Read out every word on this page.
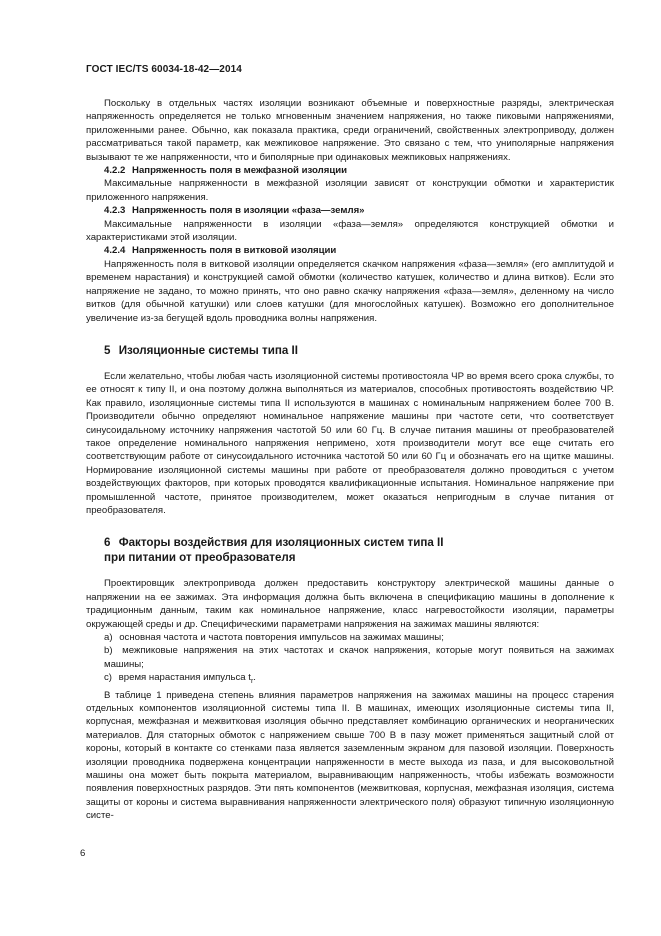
ГОСТ IEC/TS 60034-18-42—2014

Поскольку в отдельных частях изоляции возникают объемные и поверхностные разряды, электрическая напряженность определяется не только мгновенным значением напряжения, но также пиковыми напряжениями, приложенными ранее. Обычно, как показала практика, среди ограничений, свойственных электроприводу, должен рассматриваться такой параметр, как межпиковое напряжение. Это связано с тем, что униполярные напряжения вызывают те же напряженности, что и биполярные при одинаковых межпиковых напряжениях.

4.2.2 Напряженность поля в межфазной изоляции

Максимальные напряженности в межфазной изоляции зависят от конструкции обмотки и характеристик приложенного напряжения.

4.2.3 Напряженность поля в изоляции «фаза—земля»

Максимальные напряженности в изоляции «фаза—земля» определяются конструкцией обмотки и характеристиками этой изоляции.

4.2.4 Напряженность поля в витковой изоляции

Напряженность поля в витковой изоляции определяется скачком напряжения «фаза—земля» (его амплитудой и временем нарастания) и конструкцией самой обмотки (количество катушек, количество и длина витков). Если это напряжение не задано, то можно принять, что оно равно скачку напряжения «фаза—земля», деленному на число витков (для обычной катушки) или слоев катушки (для многослойных катушек). Возможно его дополнительное увеличение из-за бегущей вдоль проводника волны напряжения.

5 Изоляционные системы типа II

Если желательно, чтобы любая часть изоляционной системы противостояла ЧР во время всего срока службы, то ее относят к типу II, и она поэтому должна выполняться из материалов, способных противостоять воздействию ЧР. Как правило, изоляционные системы типа II используются в машинах с номинальным напряжением более 700 В. Производители обычно определяют номинальное напряжение машины при частоте сети, что соответствует синусоидальному источнику напряжения частотой 50 или 60 Гц. В случае питания машины от преобразователей такое определение номинального напряжения непримено, хотя производители могут все еще считать его соответствующим работе от синусоидального источника частотой 50 или 60 Гц и обозначать его на щитке машины. Нормирование изоляционной системы машины при работе от преобразователя должно проводиться с учетом воздействующих факторов, при которых проводятся квалификационные испытания. Номинальное напряжение при промышленной частоте, принятое производителем, может оказаться непригодным в случае питания от преобразователя.

6 Факторы воздействия для изоляционных систем типа II
при питании от преобразователя

Проектировщик электропривода должен предоставить конструктору электрической машины данные о напряжении на ее зажимах. Эта информация должна быть включена в спецификацию машины в дополнение к традиционным данным, таким как номинальное напряжение, класс нагревостойкости изоляции, параметры окружающей среды и др. Специфическими параметрами напряжения на зажимах машины являются:

a) основная частота и частота повторения импульсов на зажимах машины;
b) межпиковые напряжения на этих частотах и скачок напряжения, которые могут появиться на зажимах машины;
c) время нарастания импульса $t_r$.

В таблице 1 приведена степень влияния параметров напряжения на зажимах машины на процесс старения отдельных компонентов изоляционной системы типа II. В машинах, имеющих изоляционные системы типа II, корпусная, межфазная и межвитковая изоляция обычно представляет комбинацию органических и неорганических материалов. Для статорных обмоток с напряжением свыше 700 В в пазу может применяться защитный слой от короны, который в контакте со стенками паза является заземленным экраном для пазовой изоляции. Поверхность изоляции проводника подвержена концентрации напряженности в месте выхода из паза, и для высоковольтной машины она может быть покрыта материалом, выравнивающим напряженность, чтобы избежать возможности появления поверхностных разрядов. Эти пять компонентов (межвитковая, корпусная, межфазная изоляция, система защиты от короны и система выравнивания напряженности электрического поля) образуют типичную изоляционную систе-

6
